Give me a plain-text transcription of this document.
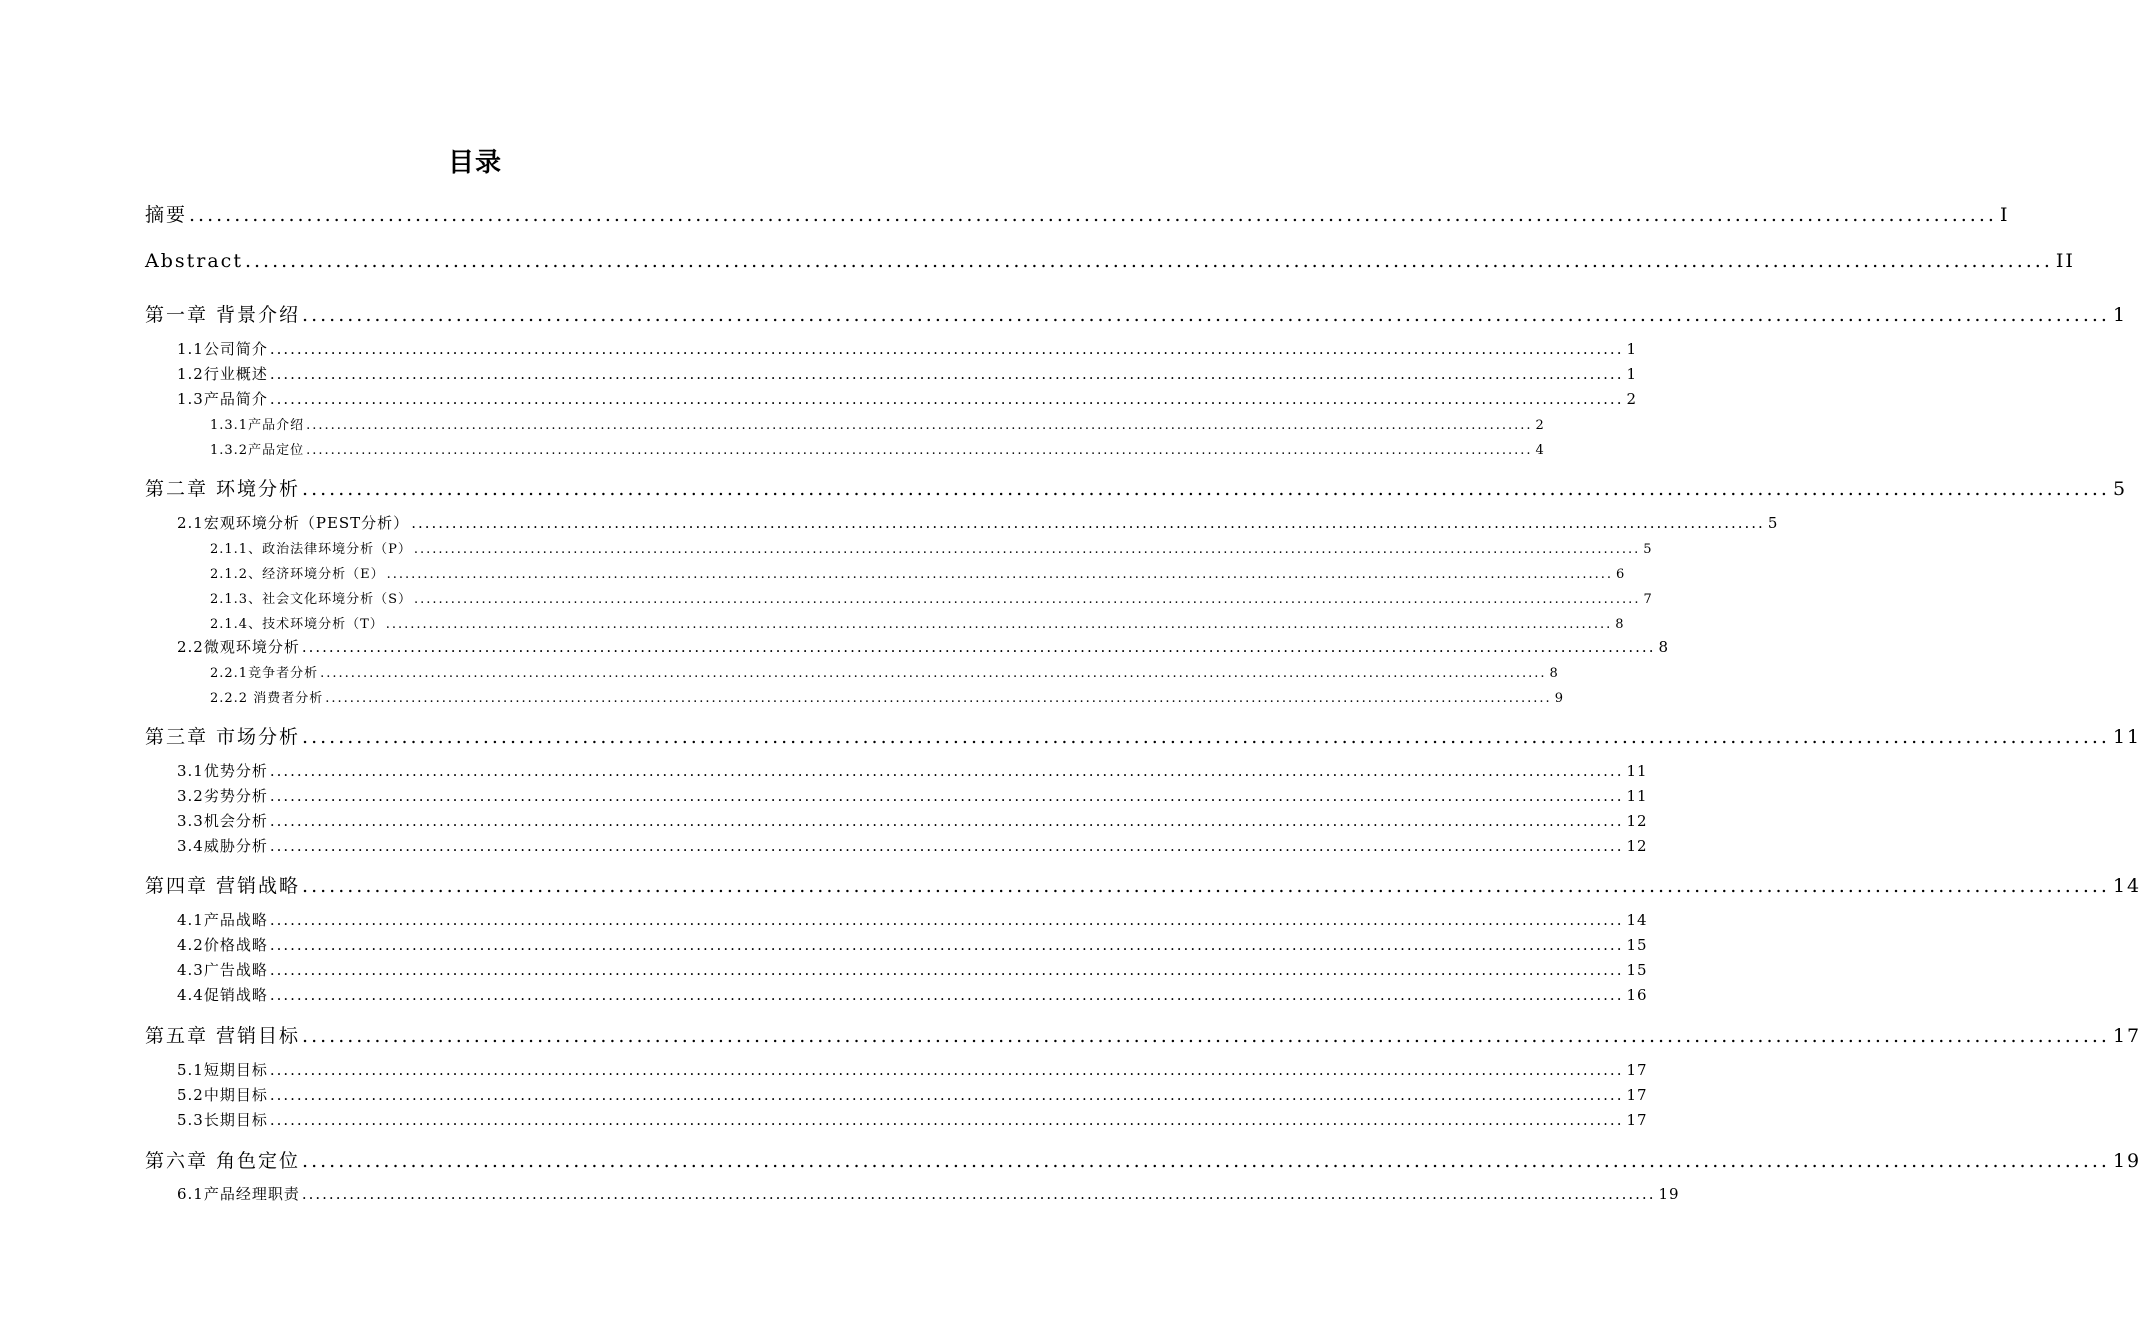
目录
摘要 ........................................................................................................................................................................................................ I
Abstract ........................................................................................................................................................................................................ II
第一章 背景介绍 ........................................................................................................................................................................................................ 1
1.1公司简介 ........................................................................................................................................................................................................ 1
1.2行业概述 ........................................................................................................................................................................................................ 1
1.3产品简介 ........................................................................................................................................................................................................ 2
1.3.1产品介绍 ........................................................................................................................................................................................................ 2
1.3.2产品定位 ........................................................................................................................................................................................................ 4
第二章 环境分析 ........................................................................................................................................................................................................ 5
2.1宏观环境分析（PEST分析） ........................................................................................................................................................................................................ 5
2.1.1、政治法律环境分析（P） ........................................................................................................................................................................................................ 5
2.1.2、经济环境分析（E） ........................................................................................................................................................................................................ 6
2.1.3、社会文化环境分析（S） ........................................................................................................................................................................................................ 7
2.1.4、技术环境分析（T） ........................................................................................................................................................................................................ 8
2.2微观环境分析 ........................................................................................................................................................................................................ 8
2.2.1竞争者分析 ........................................................................................................................................................................................................ 8
2.2.2 消费者分析 ........................................................................................................................................................................................................ 9
第三章 市场分析 ........................................................................................................................................................................................................ 11
3.1优势分析 ........................................................................................................................................................................................................ 11
3.2劣势分析 ........................................................................................................................................................................................................ 11
3.3机会分析 ........................................................................................................................................................................................................ 12
3.4威胁分析 ........................................................................................................................................................................................................ 12
第四章 营销战略 ........................................................................................................................................................................................................ 14
4.1产品战略 ........................................................................................................................................................................................................ 14
4.2价格战略 ........................................................................................................................................................................................................ 15
4.3广告战略 ........................................................................................................................................................................................................ 15
4.4促销战略 ........................................................................................................................................................................................................ 16
第五章 营销目标 ........................................................................................................................................................................................................ 17
5.1短期目标 ........................................................................................................................................................................................................ 17
5.2中期目标 ........................................................................................................................................................................................................ 17
5.3长期目标 ........................................................................................................................................................................................................ 17
第六章 角色定位 ........................................................................................................................................................................................................ 19
6.1产品经理职责 ........................................................................................................................................................................................................ 19
